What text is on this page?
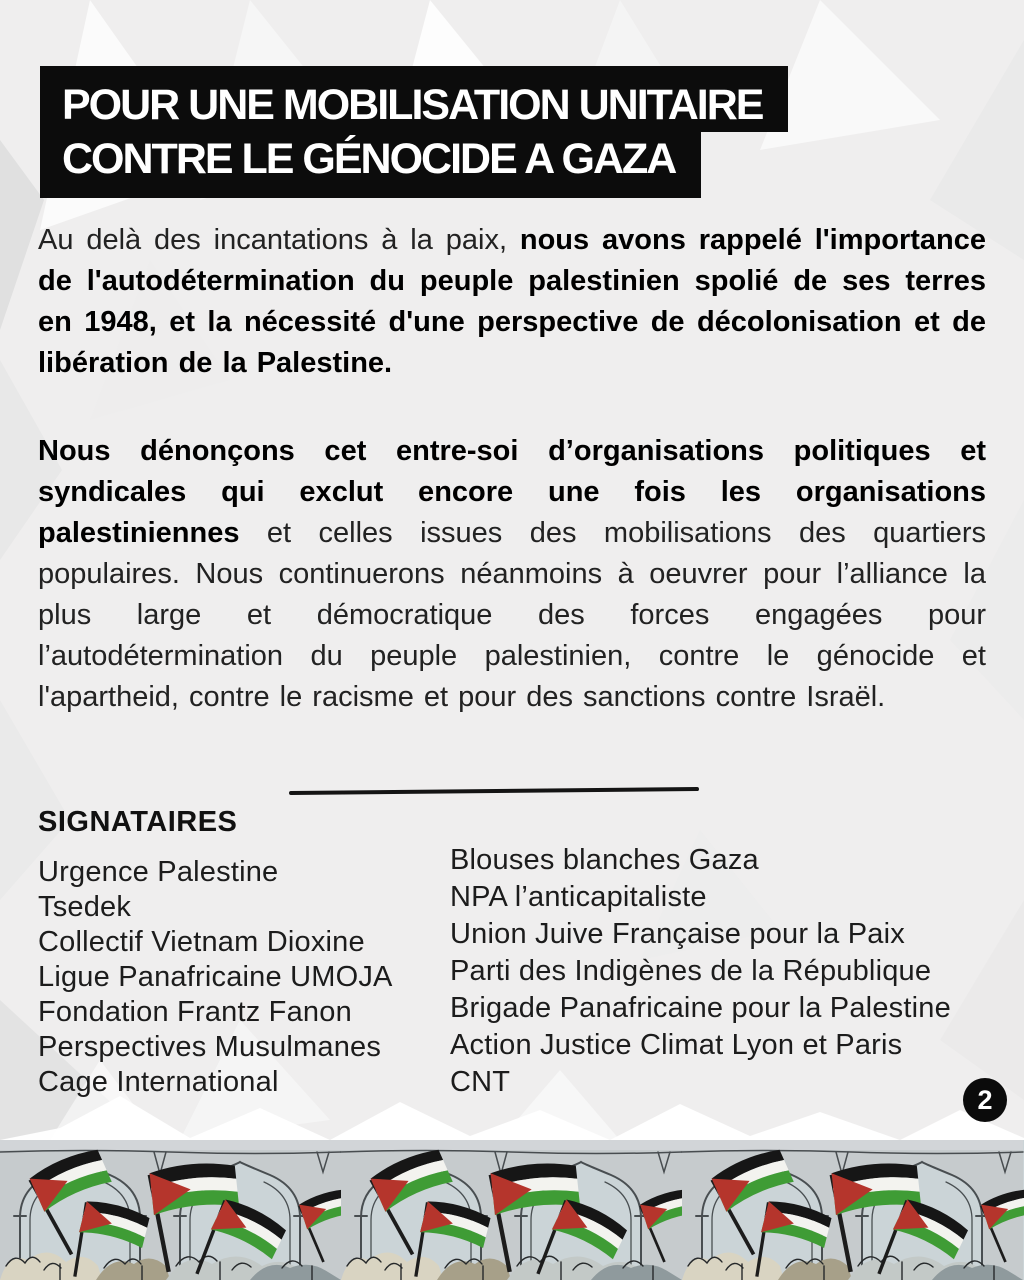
POUR UNE MOBILISATION UNITAIRE
CONTRE LE GÉNOCIDE A GAZA

Au delà des incantations à la paix, nous avons rappelé l'importance de l'autodétermination du peuple palestinien spolié de ses terres en 1948, et la nécessité d'une perspective de décolonisation et de libération de la Palestine.

Nous dénonçons cet entre-soi d’organisations politiques et syndicales qui exclut encore une fois les organisations palestiniennes et celles issues des mobilisations des quartiers populaires. Nous continuerons néanmoins à oeuvrer pour l’alliance la plus large et démocratique des forces engagées pour l’autodétermination du peuple palestinien, contre le génocide et l'apartheid, contre le racisme et pour des sanctions contre Israël.

SIGNATAIRES
Urgence Palestine
Tsedek
Collectif Vietnam Dioxine
Ligue Panafricaine UMOJA
Fondation Frantz Fanon
Perspectives Musulmanes
Cage International
Blouses blanches Gaza
NPA l’anticapitaliste
Union Juive Française pour la Paix
Parti des Indigènes de la République
Brigade Panafricaine pour la Palestine
Action Justice Climat Lyon et Paris
CNT
2
